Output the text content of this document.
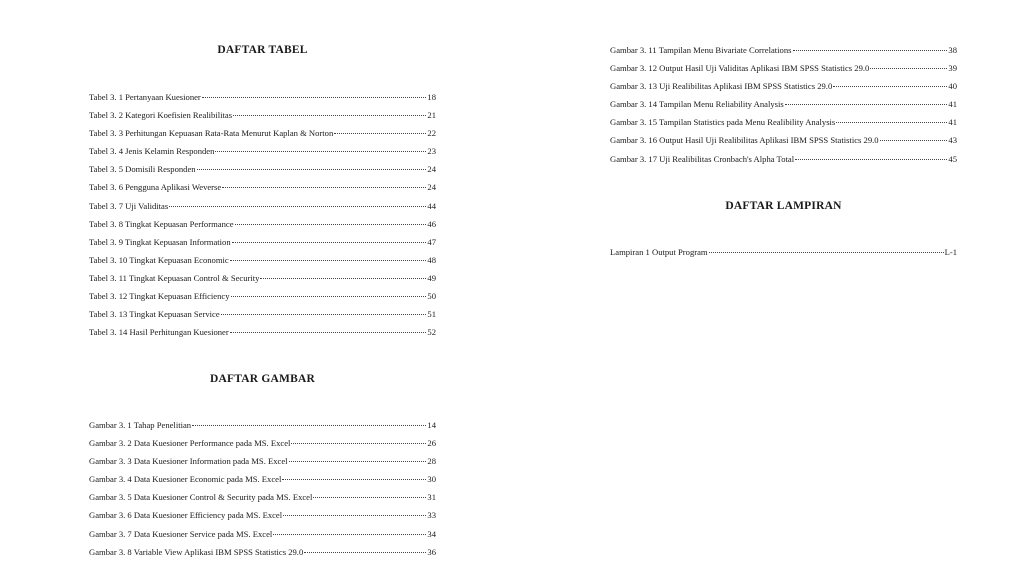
DAFTAR TABEL
Tabel 3. 1 Pertanyaan Kuesioner	18
Tabel 3. 2 Kategori Koefisien Realibilitas	21
Tabel 3. 3 Perhitungan Kepuasan Rata-Rata Menurut Kaplan & Norton	22
Tabel 3. 4 Jenis Kelamin Responden	23
Tabel 3. 5 Domisili Responden	24
Tabel 3. 6 Pengguna Aplikasi Weverse	24
Tabel 3. 7 Uji Validitas	44
Tabel 3. 8 Tingkat Kepuasan Performance	46
Tabel 3. 9 Tingkat Kepuasan Information	47
Tabel 3. 10 Tingkat Kepuasan Economic	48
Tabel 3. 11 Tingkat Kepuasan Control & Security	49
Tabel 3. 12 Tingkat Kepuasan Efficiency	50
Tabel 3. 13 Tingkat Kepuasan Service	51
Tabel 3. 14 Hasil Perhitungan Kuesioner	52
DAFTAR GAMBAR
Gambar 3. 1 Tahap Penelitian	14
Gambar 3. 2 Data Kuesioner Performance pada MS. Excel	26
Gambar 3. 3 Data Kuesioner Information pada MS. Excel	28
Gambar 3. 4 Data Kuesioner Economic pada MS. Excel	30
Gambar 3. 5 Data Kuesioner Control & Security pada MS. Excel	31
Gambar 3. 6 Data Kuesioner Efficiency pada MS. Excel	33
Gambar 3. 7 Data Kuesioner Service pada MS. Excel	34
Gambar 3. 8 Variable View Aplikasi IBM SPSS Statistics 29.0	36
Gambar 3. 11 Tampilan Menu Bivariate Correlations	38
Gambar 3. 12 Output Hasil Uji Validitas Aplikasi IBM SPSS Statistics 29.0	39
Gambar 3. 13 Uji Realibilitas Aplikasi IBM SPSS Statistics 29.0	40
Gambar 3. 14 Tampilan Menu Reliability Analysis	41
Gambar 3. 15 Tampilan Statistics pada Menu Realibility Analysis	41
Gambar 3. 16 Output Hasil Uji Realibilitas Aplikasi IBM SPSS Statistics 29.0	43
Gambar 3. 17 Uji Realibilitas Cronbach's Alpha Total	45
DAFTAR LAMPIRAN
Lampiran 1 Output Program	L-1
